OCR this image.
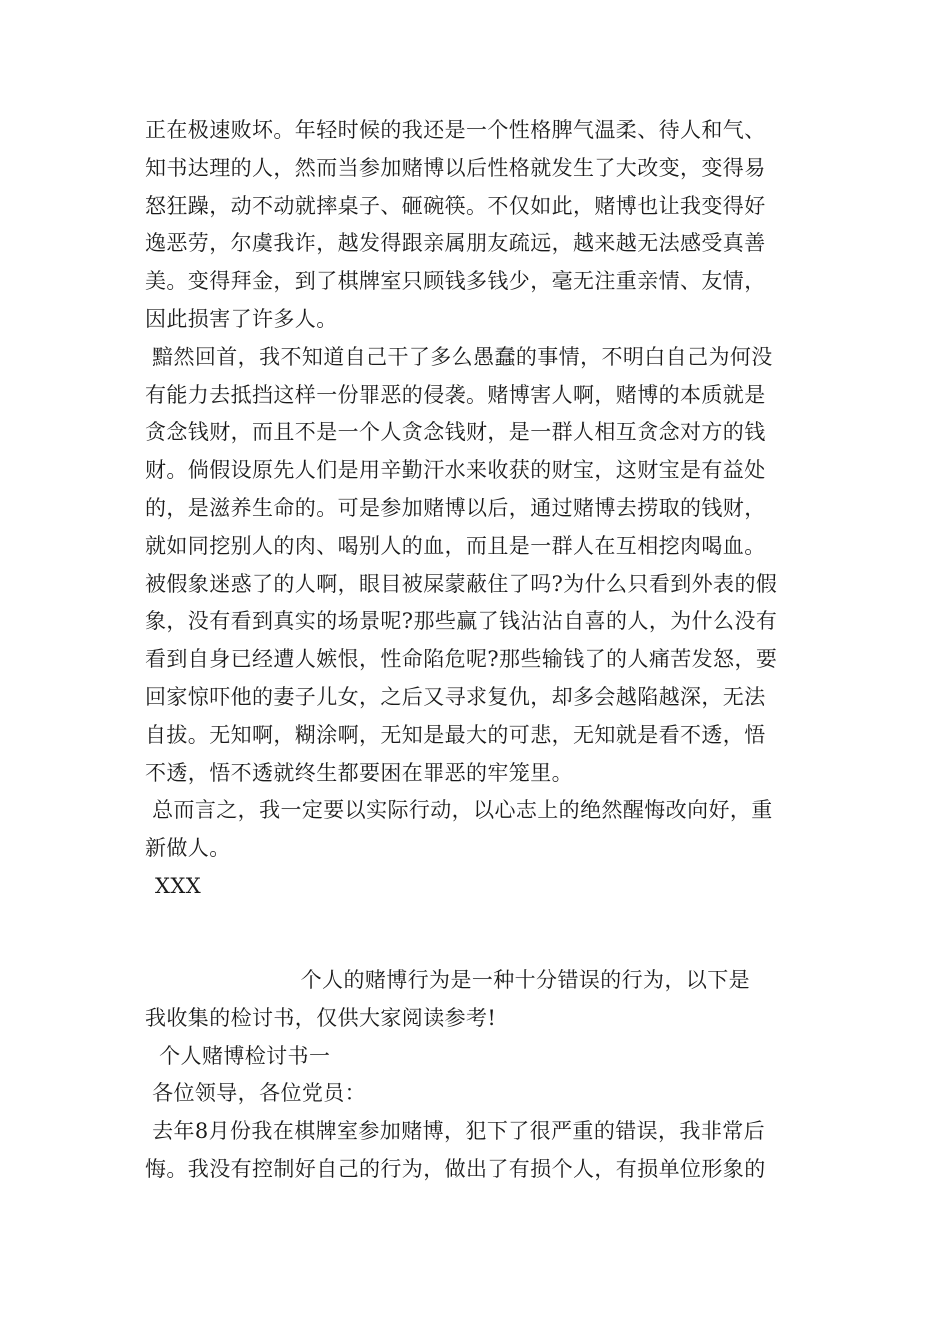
正在极速败坏。年轻时候的我还是一个性格脾气温柔、待人和气、
知书达理的人，然而当参加赌博以后性格就发生了大改变，变得易
怒狂躁，动不动就摔桌子、砸碗筷。不仅如此，赌博也让我变得好
逸恶劳，尔虞我诈，越发得跟亲属朋友疏远，越来越无法感受真善
美。变得拜金，到了棋牌室只顾钱多钱少，毫无注重亲情、友情，
因此损害了许多人。
黯然回首，我不知道自己干了多么愚蠢的事情，不明白自己为何没
有能力去抵挡这样一份罪恶的侵袭。赌博害人啊，赌博的本质就是
贪念钱财，而且不是一个人贪念钱财，是一群人相互贪念对方的钱
财。倘假设原先人们是用辛勤汗水来收获的财宝，这财宝是有益处
的，是滋养生命的。可是参加赌博以后，通过赌博去捞取的钱财，
就如同挖别人的肉、喝别人的血，而且是一群人在互相挖肉喝血。
被假象迷惑了的人啊，眼目被屎蒙蔽住了吗?为什么只看到外表的假
象，没有看到真实的场景呢?那些赢了钱沾沾自喜的人，为什么没有
看到自身已经遭人嫉恨，性命陷危呢?那些输钱了的人痛苦发怒，要
回家惊吓他的妻子儿女，之后又寻求复仇，却多会越陷越深，无法
自拔。无知啊，糊涂啊，无知是最大的可悲，无知就是看不透，悟
不透，悟不透就终生都要困在罪恶的牢笼里。
总而言之，我一定要以实际行动，以心志上的绝然醒悔改向好，重
新做人。
XXX
个人的赌博行为是一种十分错误的行为，以下是
我收集的检讨书，仅供大家阅读参考!
个人赌博检讨书一
各位领导，各位党员：
去年8月份我在棋牌室参加赌博，犯下了很严重的错误，我非常后
悔。我没有控制好自己的行为，做出了有损个人，有损单位形象的
